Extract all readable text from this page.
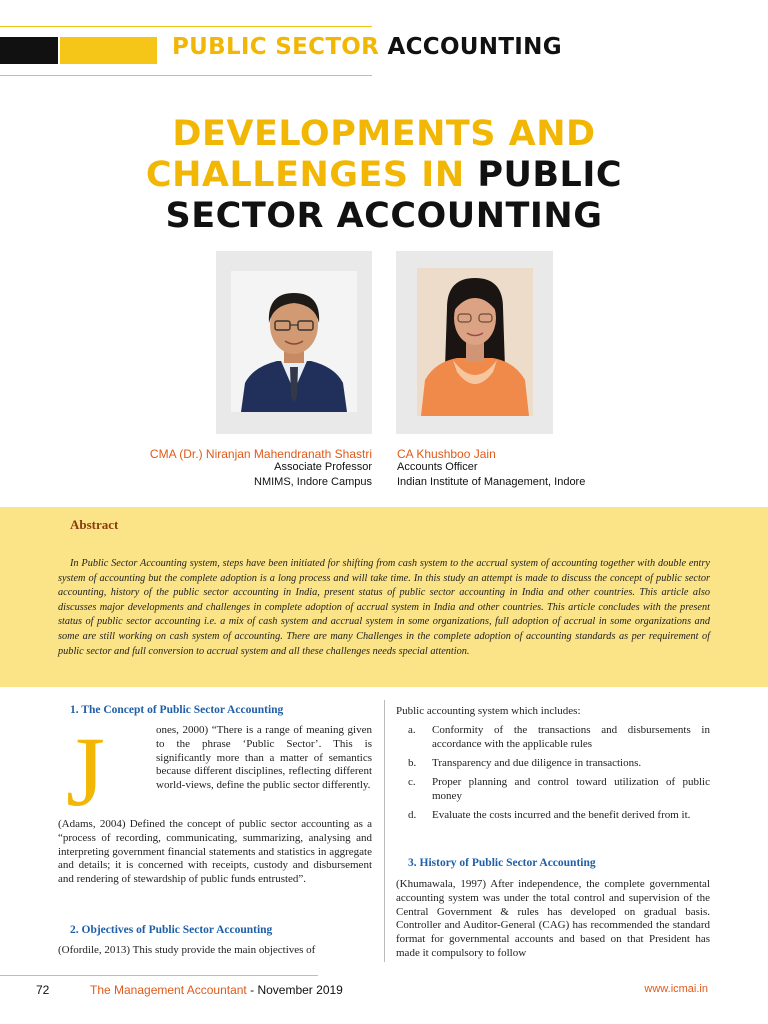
PUBLIC SECTOR ACCOUNTING
DEVELOPMENTS AND
CHALLENGES IN PUBLIC
SECTOR ACCOUNTING
CMA (Dr.) Niranjan Mahendranath Shastri
Associate Professor
NMIMS, Indore Campus
CA Khushboo Jain
Accounts Officer
Indian Institute of Management, Indore
Abstract
In Public Sector Accounting system, steps have been initiated for shifting from cash system to the accrual system of accounting together with double entry system of accounting but the complete adoption is a long process and will take time. In this study an attempt is made to discuss the concept of public sector accounting, history of the public sector accounting in India, present status of public sector accounting in India and other countries. This article also discusses major developments and challenges in complete adoption of accrual system in India and other countries. This article concludes with the present status of public sector accounting i.e. a mix of cash system and accrual system in some organizations, full adoption of accrual in some organizations and some are still working on cash system of accounting. There are many Challenges in the complete adoption of accounting standards as per requirement of public sector and full conversion to accrual system and all these challenges needs special attention.
1. The Concept of Public Sector Accounting
J	ones, 2000) “There is a range of meaning given to the phrase ‘Public Sector’. This is significantly more than a matter of semantics because different disciplines, reflecting different world-views, define the public sector differently.
(Adams, 2004) Defined the concept of public sector accounting as a “process of recording, communicating, summarizing, analysing and interpreting government financial statements and statistics in aggregate and details; it is concerned with receipts, custody and disbursement and rendering of stewardship of public funds entrusted”.
2. Objectives of Public Sector Accounting
(Ofordile, 2013) This study provide the main objectives of
Public accounting system which includes:
a. Conformity of the transactions and disbursements in accordance with the applicable rules
b. Transparency and due diligence in transactions.
c. Proper planning and control toward utilization of public money
d. Evaluate the costs incurred and the benefit derived from it.
3. History of Public Sector Accounting
(Khumawala, 1997) After independence, the complete governmental accounting system was under the total control and supervision of the Central Government & rules has developed on gradual basis. Controller and Auditor-General (CAG) has recommended the standard format for governmental accounts and based on that President has made it compulsory to follow
72	The Management Accountant - November 2019	www.icmai.in
